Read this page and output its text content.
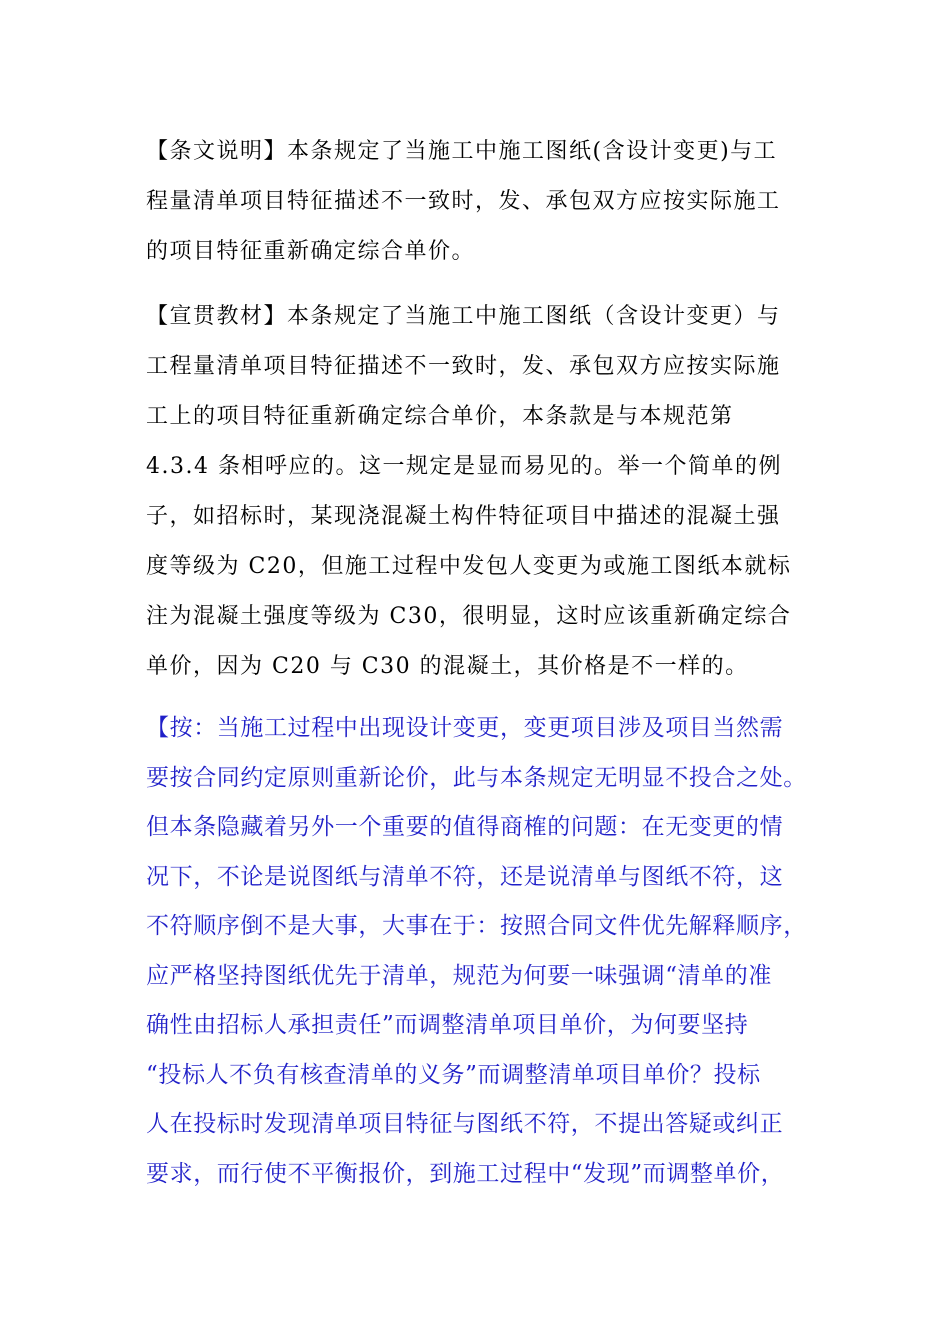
【条文说明】本条规定了当施工中施工图纸(含设计变更)与工
程量清单项目特征描述不一致时，发、承包双方应按实际施工
的项目特征重新确定综合单价。
【宣贯教材】本条规定了当施工中施工图纸（含设计变更）与
工程量清单项目特征描述不一致时，发、承包双方应按实际施
工上的项目特征重新确定综合单价，本条款是与本规范第
4.3.4 条相呼应的。这一规定是显而易见的。举一个简单的例
子，如招标时，某现浇混凝土构件特征项目中描述的混凝土强
度等级为 C20，但施工过程中发包人变更为或施工图纸本就标
注为混凝土强度等级为 C30，很明显，这时应该重新确定综合
单价，因为 C20 与 C30 的混凝土，其价格是不一样的。
【按：当施工过程中出现设计变更，变更项目涉及项目当然需
要按合同约定原则重新论价，此与本条规定无明显不投合之处。
但本条隐藏着另外一个重要的值得商榷的问题：在无变更的情
况下，不论是说图纸与清单不符，还是说清单与图纸不符，这
不符顺序倒不是大事，大事在于：按照合同文件优先解释顺序，
应严格坚持图纸优先于清单，规范为何要一味强调“清单的准
确性由招标人承担责任”而调整清单项目单价，为何要坚持
“投标人不负有核查清单的义务”而调整清单项目单价？投标
人在投标时发现清单项目特征与图纸不符，不提出答疑或纠正
要求，而行使不平衡报价，到施工过程中“发现”而调整单价，
